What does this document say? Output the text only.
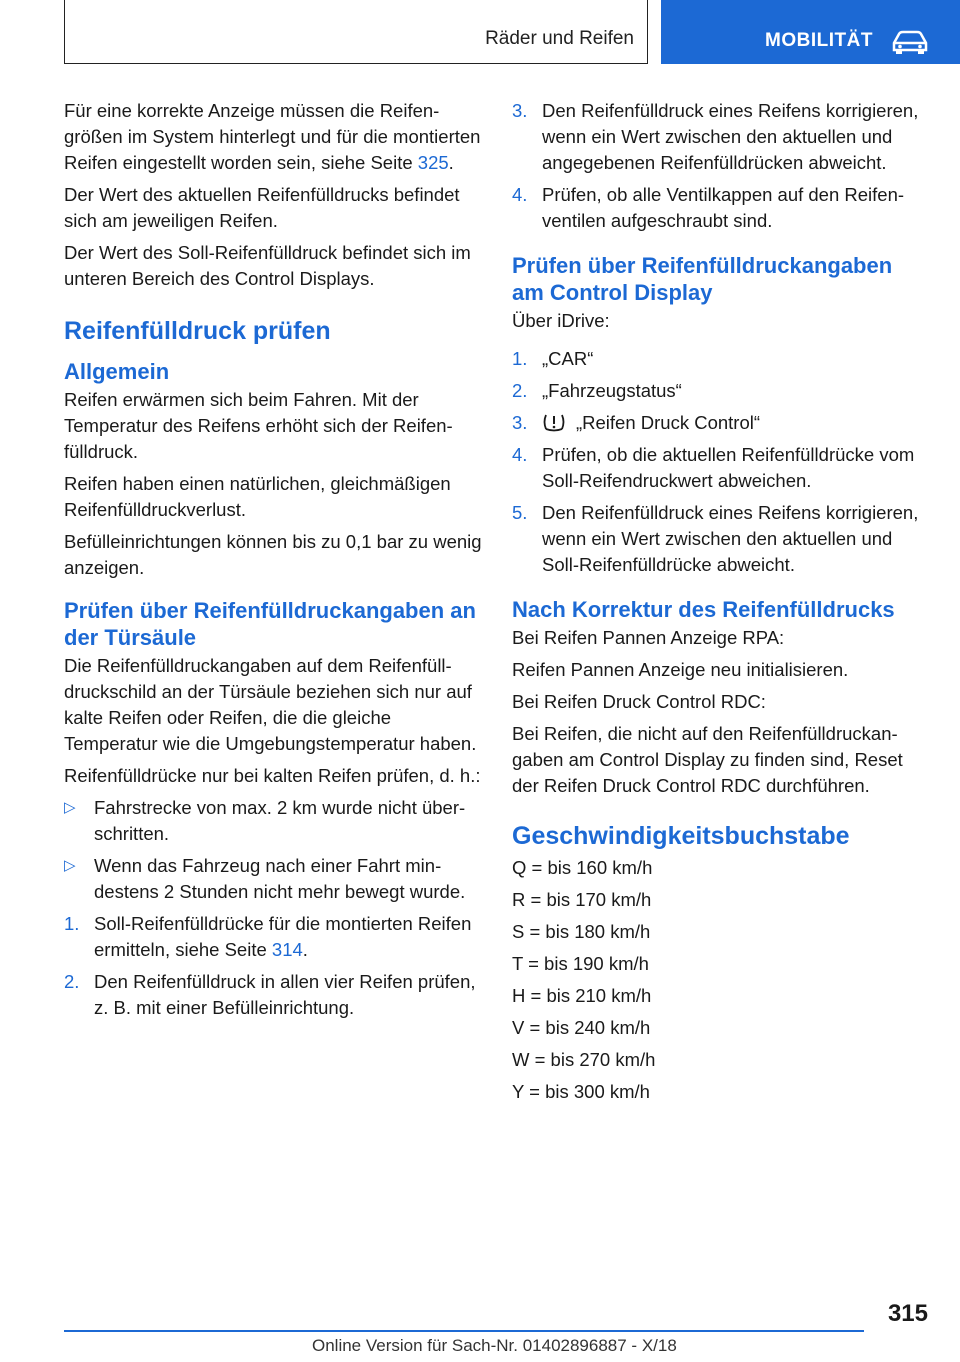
Räder und Reifen	MOBILITÄT

Für eine korrekte Anzeige müssen die Reifengrößen im System hinterlegt und für die montierten Reifen eingestellt worden sein, siehe Seite 325.

Der Wert des aktuellen Reifenfülldrucks befindet sich am jeweiligen Reifen.

Der Wert des Soll-Reifenfülldruck befindet sich im unteren Bereich des Control Displays.

Reifenfülldruck prüfen
Allgemein

Reifen erwärmen sich beim Fahren. Mit der Temperatur des Reifens erhöht sich der Reifenfülldruck.

Reifen haben einen natürlichen, gleichmäßigen Reifenfülldruckverlust.

Befülleinrichtungen können bis zu 0,1 bar zu wenig anzeigen.

Prüfen über Reifenfülldruckangaben an der Türsäule

Die Reifenfülldruckangaben auf dem Reifenfülldruckschild an der Türsäule beziehen sich nur auf kalte Reifen oder Reifen, die die gleiche Temperatur wie die Umgebungstemperatur haben.

Reifenfülldrücke nur bei kalten Reifen prüfen, d. h.:

▷ Fahrstrecke von max. 2 km wurde nicht überschritten.
▷ Wenn das Fahrzeug nach einer Fahrt mindestens 2 Stunden nicht mehr bewegt wurde.
1. Soll-Reifenfülldrücke für die montierten Reifen ermitteln, siehe Seite 314.
2. Den Reifenfülldruck in allen vier Reifen prüfen, z. B. mit einer Befülleinrichtung.
3. Den Reifenfülldruck eines Reifens korrigieren, wenn ein Wert zwischen den aktuellen und angegebenen Reifenfülldrücken abweicht.
4. Prüfen, ob alle Ventilkappen auf den Reifenventilen aufgeschraubt sind.
Prüfen über Reifenfülldruckangaben am Control Display

Über iDrive:

1. „CAR“
2. „Fahrzeugstatus“
3.	„Reifen Druck Control“
4. Prüfen, ob die aktuellen Reifenfülldrücke vom Soll-Reifendruckwert abweichen.
5. Den Reifenfülldruck eines Reifens korrigieren, wenn ein Wert zwischen den aktuellen und Soll-Reifenfülldrücke abweicht.
Nach Korrektur des Reifenfülldrucks

Bei Reifen Pannen Anzeige RPA:

Reifen Pannen Anzeige neu initialisieren.

Bei Reifen Druck Control RDC:

Bei Reifen, die nicht auf den Reifenfülldruckangaben am Control Display zu finden sind, Reset der Reifen Druck Control RDC durchführen.

Geschwindigkeitsbuchstabe

Q = bis 160 km/h

R = bis 170 km/h

S = bis 180 km/h

T = bis 190 km/h

H = bis 210 km/h

V = bis 240 km/h

W = bis 270 km/h

Y = bis 300 km/h

315
Online Version für Sach-Nr. 01402896887 - X/18
